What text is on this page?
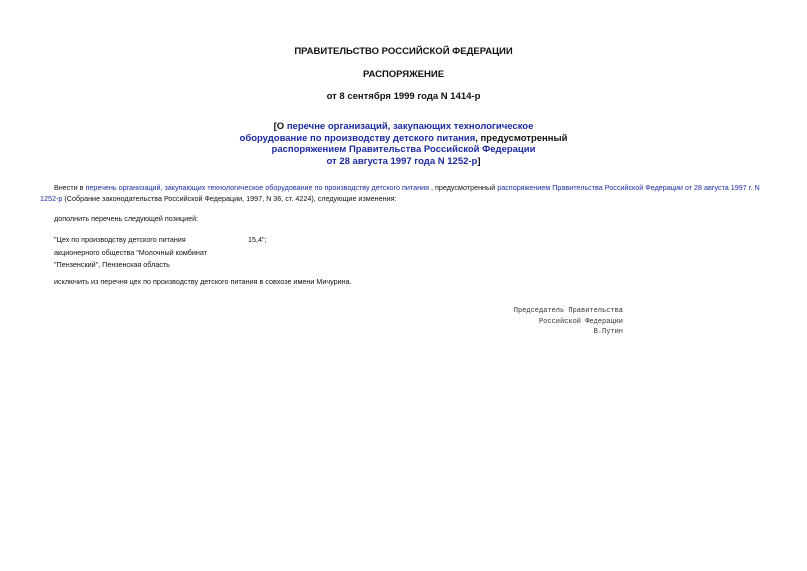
ПРАВИТЕЛЬСТВО РОССИЙСКОЙ ФЕДЕРАЦИИ
РАСПОРЯЖЕНИЕ
от 8 сентября 1999 года N 1414-р
[О перечне организаций, закупающих технологическое
оборудование по производству детского питания, предусмотренный
распоряжением Правительства Российской Федерации
от 28 августа 1997 года N 1252-р]
Внести в перечень организаций, закупающих технологическое оборудование по производству детского питания , предусмотренный распоряжением Правительства Российской Федерации от 28 августа 1997 г. N 1252-р (Собрание законодательства Российской Федерации, 1997, N 36, ст. 4224), следующие изменения:
дополнить перечень следующей позицией:
"Цех по производству детского питания
акционерного общества "Молочный комбинат
"Пензенский", Пензенская область
15,4";
исключить из перечня цех по производству детского питания в совхозе имени Мичурина.
Председатель Правительства
Российской Федерации
В.Путин
